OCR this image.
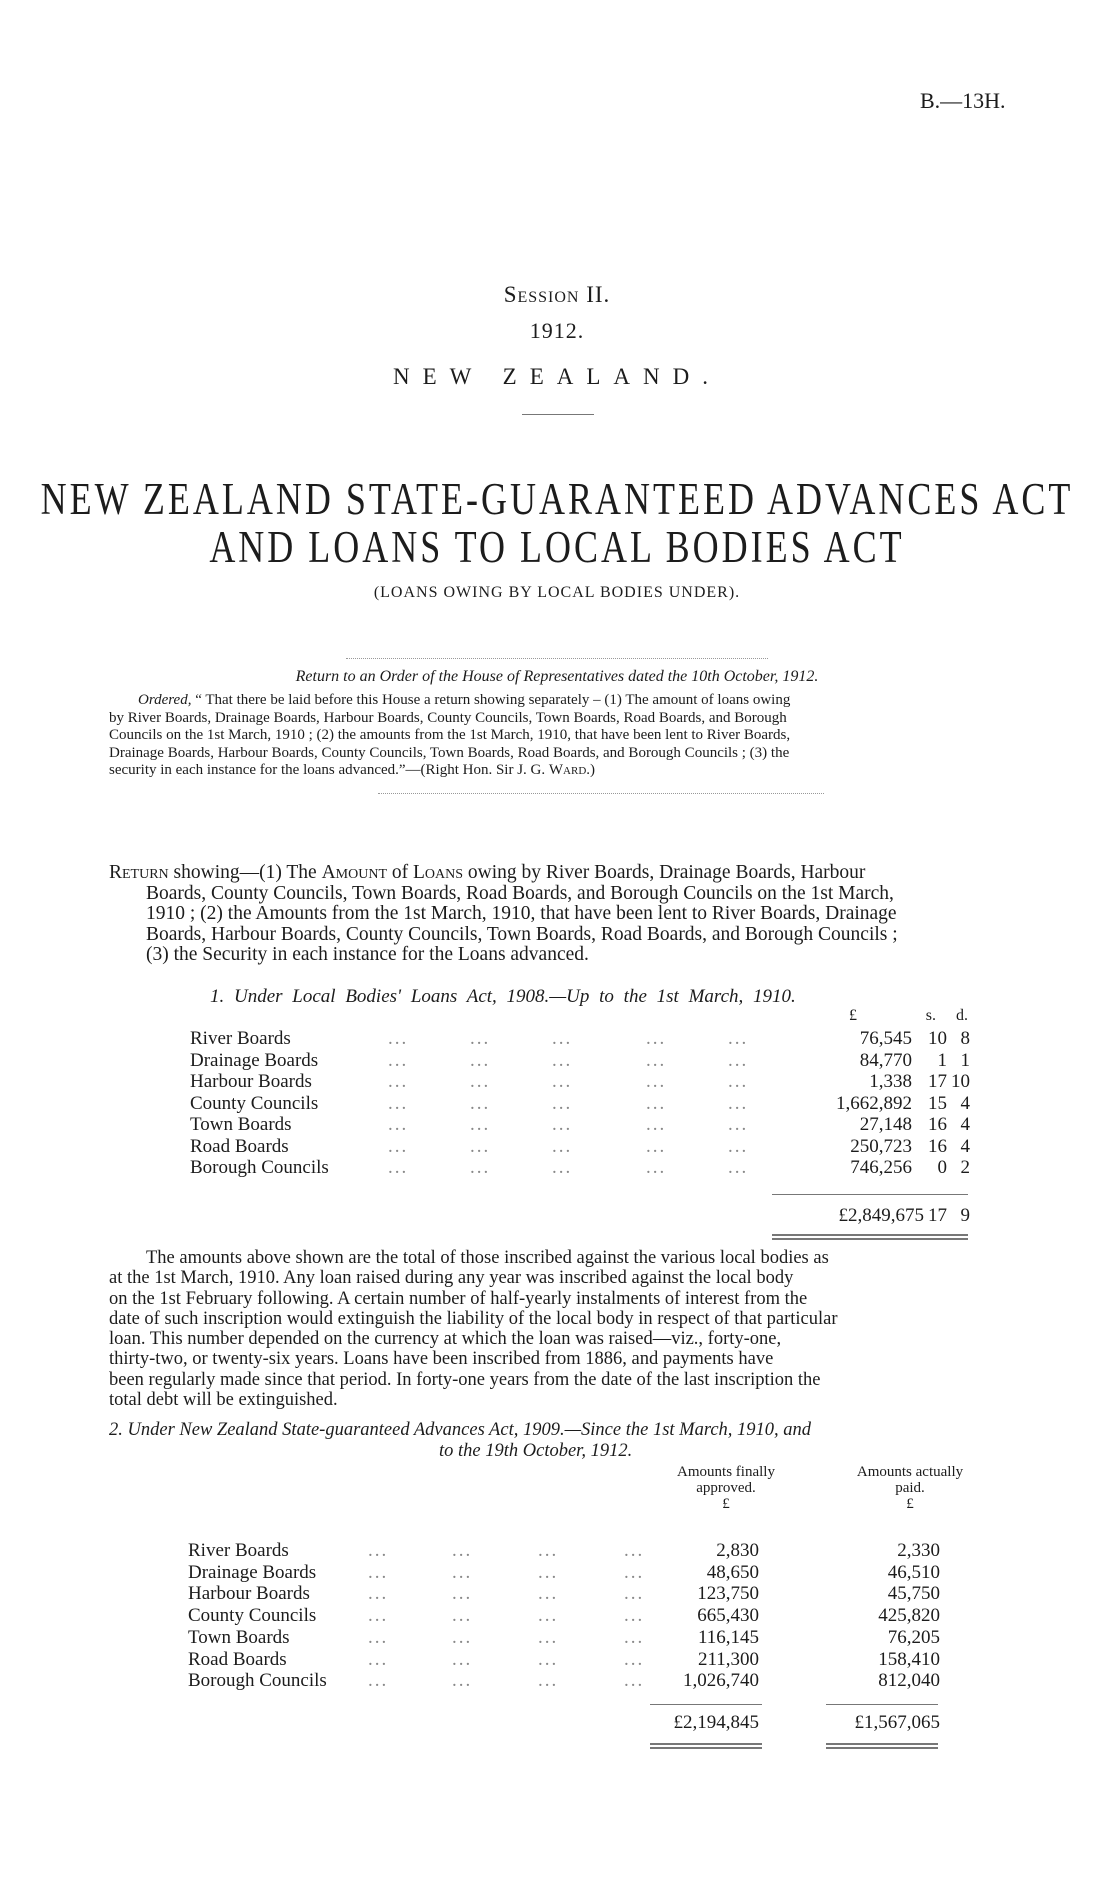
B.—13H.
Session II.
1912.
NEW ZEALAND.
NEW ZEALAND STATE-GUARANTEED ADVANCES ACT
AND LOANS TO LOCAL BODIES ACT
(LOANS OWING BY LOCAL BODIES UNDER).
Return to an Order of the House of Representatives dated the 10th October, 1912.
Ordered, “ That there be laid before this House a return showing separately – (1) The amount of loans owing
by River Boards, Drainage Boards, Harbour Boards, County Councils, Town Boards, Road Boards, and Borough
Councils on the 1st March, 1910 ; (2) the amounts from the 1st March, 1910, that have been lent to River Boards,
Drainage Boards, Harbour Boards, County Councils, Town Boards, Road Boards, and Borough Councils ; (3) the
security in each instance for the loans advanced.”—(Right Hon. Sir J. G. Ward.)
Return showing—(1) The Amount of Loans owing by River Boards, Drainage Boards, Harbour
Boards, County Councils, Town Boards, Road Boards, and Borough Councils on the 1st March,
1910 ; (2) the Amounts from the 1st March, 1910, that have been lent to River Boards, Drainage
Boards, Harbour Boards, County Councils, Town Boards, Road Boards, and Borough Councils ;
(3) the Security in each instance for the Loans advanced.
1. Under Local Bodies' Loans Act, 1908.—Up to the 1st March, 1910.
£	s. d.
River Boards	...	...	...	...	...	76,545 10 8
Drainage Boards	...	...	...	...	...	84,770 1 1
Harbour Boards	...	...	...	...	...	1,338 17 10
County Councils	...	...	...	...	...	1,662,892 15 4
Town Boards	...	...	...	...	...	27,148 16 4
Road Boards	...	...	...	...	...	250,723 16 4
Borough Councils	...	...	...	...	...	746,256 0 2
£2,849,675 17 9
The amounts above shown are the total of those inscribed against the various local bodies as
at the 1st March, 1910. Any loan raised during any year was inscribed against the local body
on the 1st February following. A certain number of half-yearly instalments of interest from the
date of such inscription would extinguish the liability of the local body in respect of that particular
loan. This number depended on the currency at which the loan was raised—viz., forty-one,
thirty-two, or twenty-six years. Loans have been inscribed from 1886, and payments have
been regularly made since that period. In forty-one years from the date of the last inscription the
total debt will be extinguished.
2. Under New Zealand State-guaranteed Advances Act, 1909.—Since the 1st March, 1910, and
to the 19th October, 1912.
Amounts finally
approved.
£
Amounts actually
paid.
£
River Boards	...	...	...	...	2,830	2,330
Drainage Boards	...	...	...	...	48,650	46,510
Harbour Boards	...	...	...	...	123,750	45,750
County Councils	...	...	...	...	665,430	425,820
Town Boards	...	...	...	...	116,145	76,205
Road Boards	...	...	...	...	211,300	158,410
Borough Councils ...	...	...	... 1,026,740	812,040
£2,194,845	£1,567,065
